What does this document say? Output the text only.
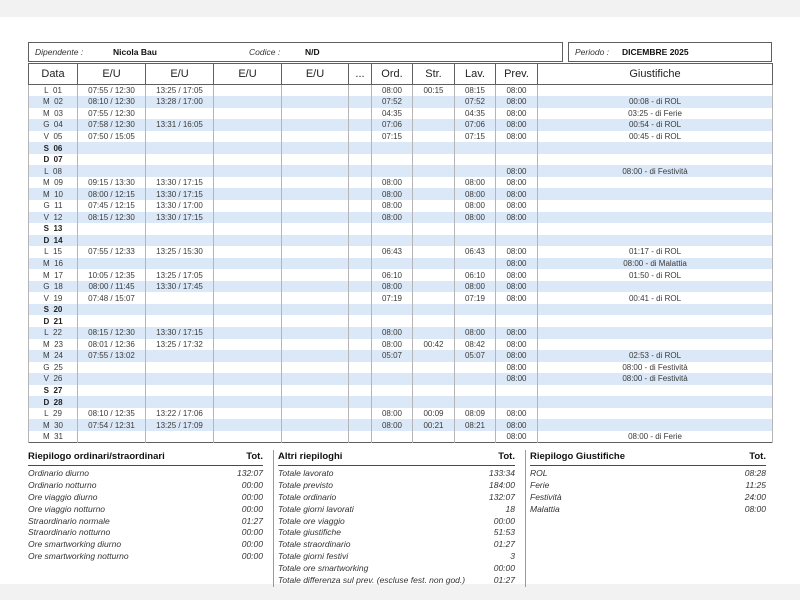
Dipendente :	Nicola Bau	Codice :	N/D	Periodo : DICEMBRE 2025
Data	E/U	E/U	E/U	E/U	...	Ord.	Str.	Lav.	Prev.	Giustifiche
L  01	07:55 / 12:30	13:25 / 17:05				08:00	00:15	08:15	08:00	
M  02	08:10 / 12:30	13:28 / 17:00				07:52		07:52	08:00	00:08 - di ROL
M  03	07:55 / 12:30					04:35		04:35	08:00	03:25 - di Ferie
G  04	07:58 / 12:30	13:31 / 16:05				07:06		07:06	08:00	00:54 - di ROL
V  05	07:50 / 15:05					07:15		07:15	08:00	00:45 - di ROL
S  06										
D  07										
L  08									08:00	08:00 - di Festività
M  09	09:15 / 13:30	13:30 / 17:15				08:00		08:00	08:00	
M  10	08:00 / 12:15	13:30 / 17:15				08:00		08:00	08:00	
G  11	07:45 / 12:15	13:30 / 17:00				08:00		08:00	08:00	
V  12	08:15 / 12:30	13:30 / 17:15				08:00		08:00	08:00	
S  13										
D  14										
L  15	07:55 / 12:33	13:25 / 15:30				06:43		06:43	08:00	01:17 - di ROL
M  16									08:00	08:00 - di Malattia
M  17	10:05 / 12:35	13:25 / 17:05				06:10		06:10	08:00	01:50 - di ROL
G  18	08:00 / 11:45	13:30 / 17:45				08:00		08:00	08:00	
V  19	07:48 / 15:07					07:19		07:19	08:00	00:41 - di ROL
S  20										
D  21										
L  22	08:15 / 12:30	13:30 / 17:15				08:00		08:00	08:00	
M  23	08:01 / 12:36	13:25 / 17:32				08:00	00:42	08:42	08:00	
M  24	07:55 / 13:02					05:07		05:07	08:00	02:53 - di ROL
G  25									08:00	08:00 - di Festività
V  26									08:00	08:00 - di Festività
S  27										
D  28										
L  29	08:10 / 12:35	13:22 / 17:06				08:00	00:09	08:09	08:00	
M  30	07:54 / 12:31	13:25 / 17:09				08:00	00:21	08:21	08:00	
M  31									08:00	08:00 - di Ferie
Riepilogo ordinari/straordinari	Tot.
Ordinario diurno	132:07
Ordinario notturno	00:00
Ore viaggio diurno	00:00
Ore viaggio notturno	00:00
Straordinario normale	01:27
Straordinario notturno	00:00
Ore smartworking diurno	00:00
Ore smartworking notturno	00:00
Altri riepiloghi	Tot.
Totale lavorato	133:34
Totale previsto	184:00
Totale ordinario	132:07
Totale giorni lavorati	18
Totale ore viaggio	00:00
Totale giustifiche	51:53
Totale straordinario	01:27
Totale giorni festivi	3
Totale ore smartworking	00:00
Totale differenza sul prev. (escluse fest. non god.)	01:27
Riepilogo Giustifiche	Tot.
ROL	08:28
Ferie	11:25
Festività	24:00
Malattia	08:00
